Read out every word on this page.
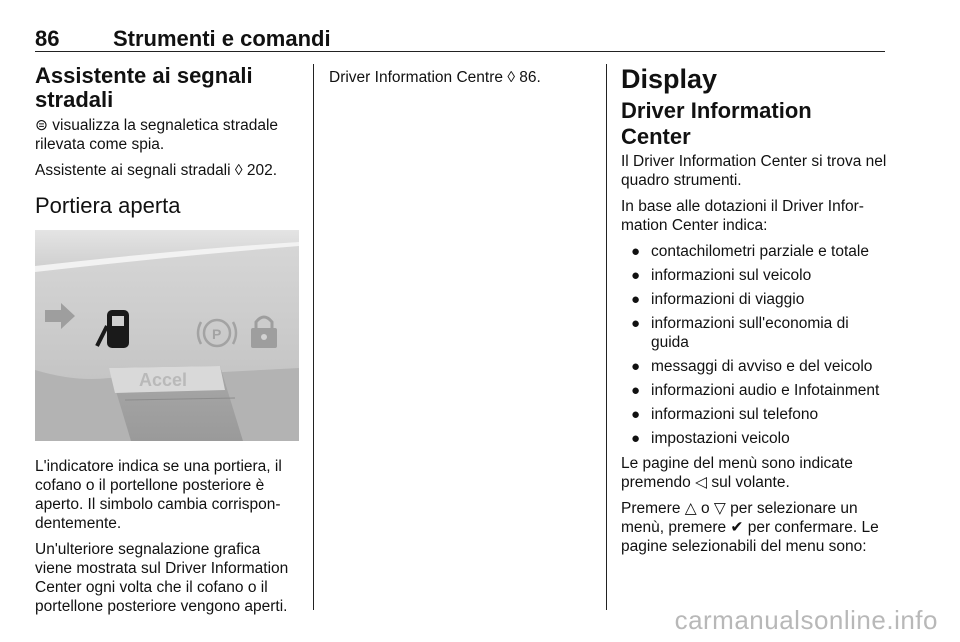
86 Strumenti e comandi
Assistente ai segnali stradali

⊜ visualizza la segnaletica stradale rilevata come spia.

Assistente ai segnali stradali ◊ 202.

Portiera aperta
Accel
P

L'indicatore indica se una portiera, il cofano o il portellone posteriore è aperto. Il simbolo cambia corrispondentemente.

Un'ulteriore segnalazione grafica viene mostrata sul Driver Information Center ogni volta che il cofano o il portellone posteriore vengono aperti.

Driver Information Centre ◊ 86.	Display
Driver Information Center

Il Driver Information Center si trova nel quadro strumenti.

In base alle dotazioni il Driver Information Center indica:

● contachilometri parziale e totale
● informazioni sul veicolo
● informazioni di viaggio
● informazioni sull'economia di guida
● messaggi di avviso e del veicolo
● informazioni audio e Infotainment
● informazioni sul telefono
● impostazioni veicolo

Le pagine del menù sono indicate premendo ◁ sul volante.

Premere △ o ▽ per selezionare un menù, premere ✔ per confermare. Le pagine selezionabili del menu sono:

carmanualsonline.info
